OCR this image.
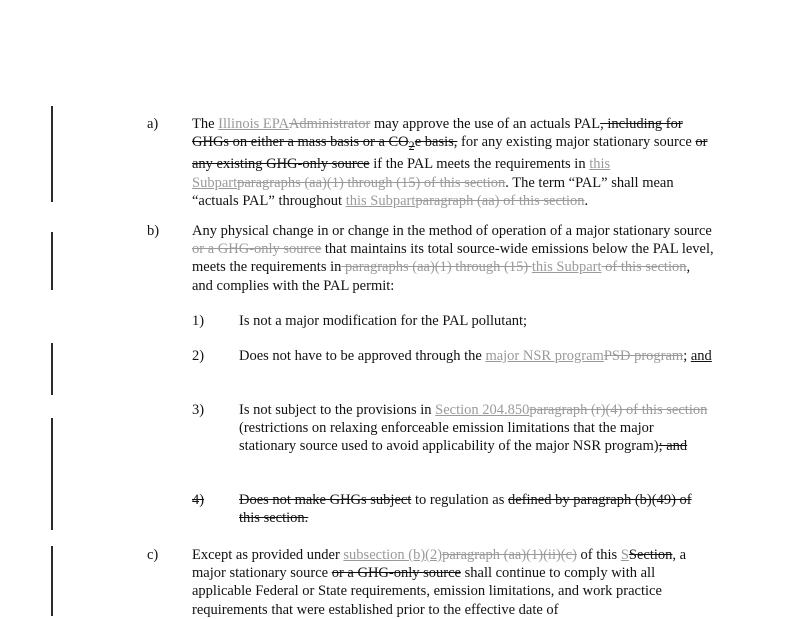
a) The Illinois EPAAdministrator may approve the use of an actuals PAL, including for GHGs on either a mass basis or a $CO_2e$ basis, for any existing major stationary source or any existing GHG-only source if the PAL meets the requirements in this Subpartparagraphs (aa)(1) through (15) of this section. The term “PAL” shall mean “actuals PAL” throughout this Subpartparagraph (aa) of this section.
b) Any physical change in or change in the method of operation of a major stationary source or a GHG-only source that maintains its total source-wide emissions below the PAL level, meets the requirements in paragraphs (aa)(1) through (15) this Subpart of this section, and complies with the PAL permit:
1) Is not a major modification for the PAL pollutant;
2) Does not have to be approved through the major NSR programPSD program; and
3) Is not subject to the provisions in Section 204.850paragraph (r)(4) of this section (restrictions on relaxing enforceable emission limitations that the major stationary source used to avoid applicability of the major NSR program); and
4) Does not make GHGs subject to regulation as defined by paragraph (b)(49) of this section.
c) Except as provided under subsection (b)(2)paragraph (aa)(1)(ii)(c) of this SSection, a major stationary source or a GHG-only source shall continue to comply with all applicable Federal or State requirements, emission limitations, and work practice requirements that were established prior to the effective date of
